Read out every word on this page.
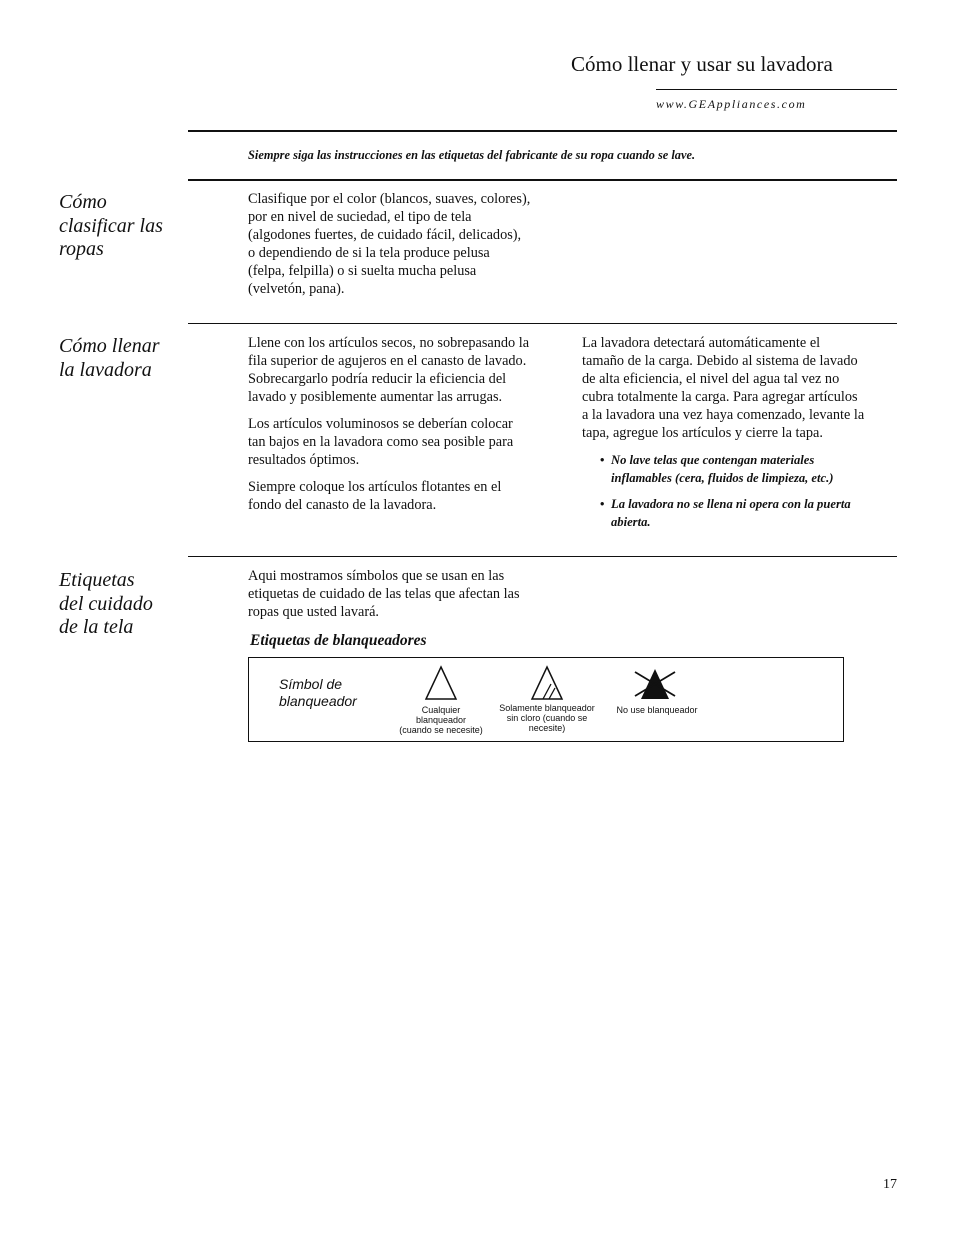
Cómo llenar y usar su lavadora
www.GEAppliances.com
Siempre siga las instrucciones en las etiquetas del fabricante de su ropa cuando se lave.
Cómo
clasificar las
ropas
Clasifique por el color (blancos, suaves, colores),
por en nivel de suciedad, el tipo de tela
(algodones fuertes, de cuidado fácil, delicados),
o dependiendo de si la tela produce pelusa
(felpa, felpilla) o si suelta mucha pelusa
(velvetón, pana).
Cómo llenar
la lavadora

Llene con los artículos secos, no sobrepasando la
fila superior de agujeros en el canasto de lavado.
Sobrecargarlo podría reducir la eficiencia del
lavado y posiblemente aumentar las arrugas.

Los artículos voluminosos se deberían colocar
tan bajos en la lavadora como sea posible para
resultados óptimos.

Siempre coloque los artículos flotantes en el
fondo del canasto de la lavadora.

La lavadora detectará automáticamente el
tamaño de la carga. Debido al sistema de lavado
de alta eficiencia, el nivel del agua tal vez no
cubra totalmente la carga. Para agregar artículos
a la lavadora una vez haya comenzado, levante la
tapa, agregue los artículos y cierre la tapa.

• No lave telas que contengan materiales
inflamables (cera, fluidos de limpieza, etc.)
• La lavadora no se llena ni opera con la puerta
abierta.
Etiquetas
del cuidado
de la tela
Aqui mostramos símbolos que se usan en las
etiquetas de cuidado de las telas que afectan las
ropas que usted lavará.
Etiquetas de blanqueadores
Símbol de
blanqueador
Cualquier
blanqueador
(cuando se necesite)
Solamente blanqueador
sin cloro (cuando se
necesite)
No use blanqueador
17
